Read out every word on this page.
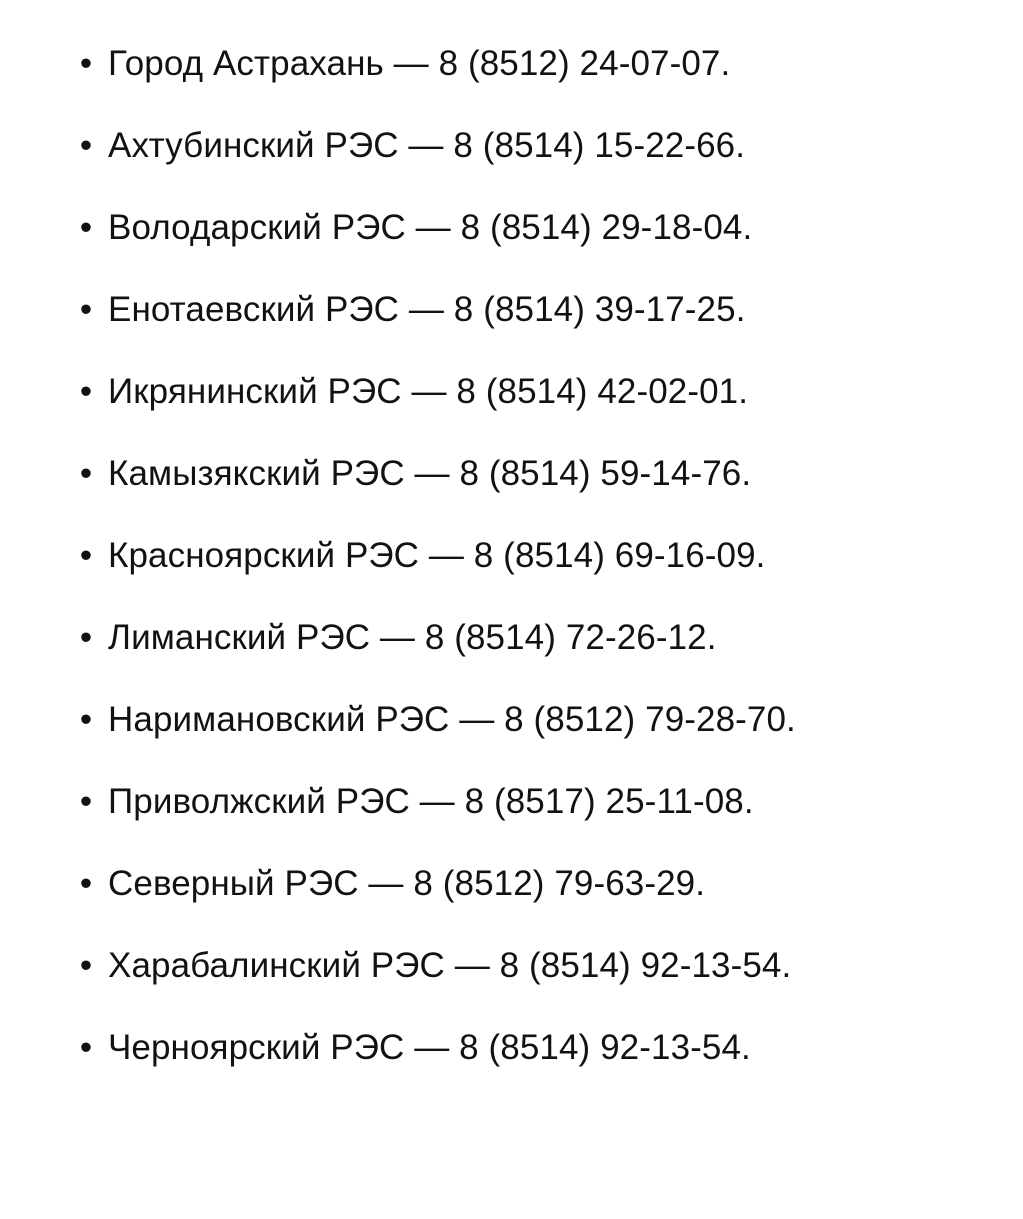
• Город Астрахань — 8 (8512) 24-07-07.
• Ахтубинский РЭС — 8 (8514) 15-22-66.
• Володарский РЭС — 8 (8514) 29-18-04.
• Енотаевский РЭС — 8 (8514) 39-17-25.
• Икрянинский РЭС — 8 (8514) 42-02-01.
• Камызякский РЭС — 8 (8514) 59-14-76.
• Красноярский РЭС — 8 (8514) 69-16-09.
• Лиманский РЭС — 8 (8514) 72-26-12.
• Наримановский РЭС — 8 (8512) 79-28-70.
• Приволжский РЭС — 8 (8517) 25-11-08.
• Северный РЭС — 8 (8512) 79-63-29.
• Харабалинский РЭС — 8 (8514) 92-13-54.
• Черноярский РЭС — 8 (8514) 92-13-54.
